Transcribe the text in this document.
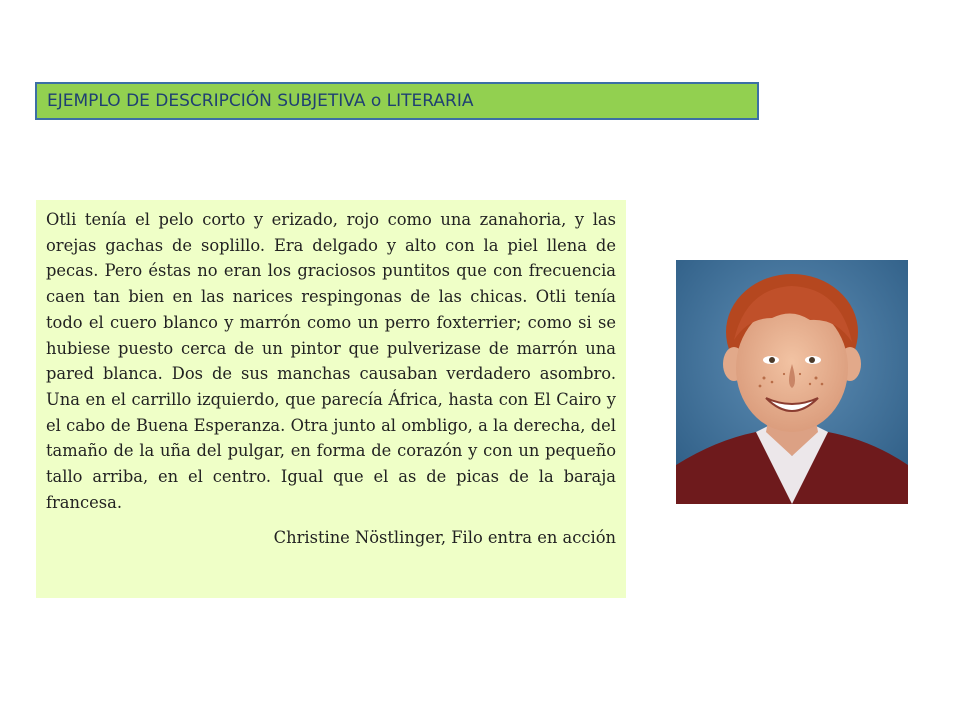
EJEMPLO DE DESCRIPCIÓN SUBJETIVA o LITERARIA

Otli tenía el pelo corto y erizado, rojo como una zanahoria, y las orejas gachas de soplillo. Era delgado y alto con la piel llena de pecas. Pero éstas no eran los graciosos puntitos que con frecuencia caen tan bien en las narices respingonas de las chicas. Otli tenía todo el cuero blanco y marrón como un perro foxterrier; como si se hubiese puesto cerca de un pintor que pulverizase de marrón una pared blanca. Dos de sus manchas causaban verdadero asombro. Una en el carrillo izquierdo, que parecía África, hasta con El Cairo y el cabo de Buena Esperanza. Otra junto al ombligo, a la derecha, del tamaño de la uña del pulgar, en forma de corazón y con un pequeño tallo arriba, en el centro. Igual que el as de picas de la baraja francesa.

Christine Nöstlinger, Filo entra en acción
